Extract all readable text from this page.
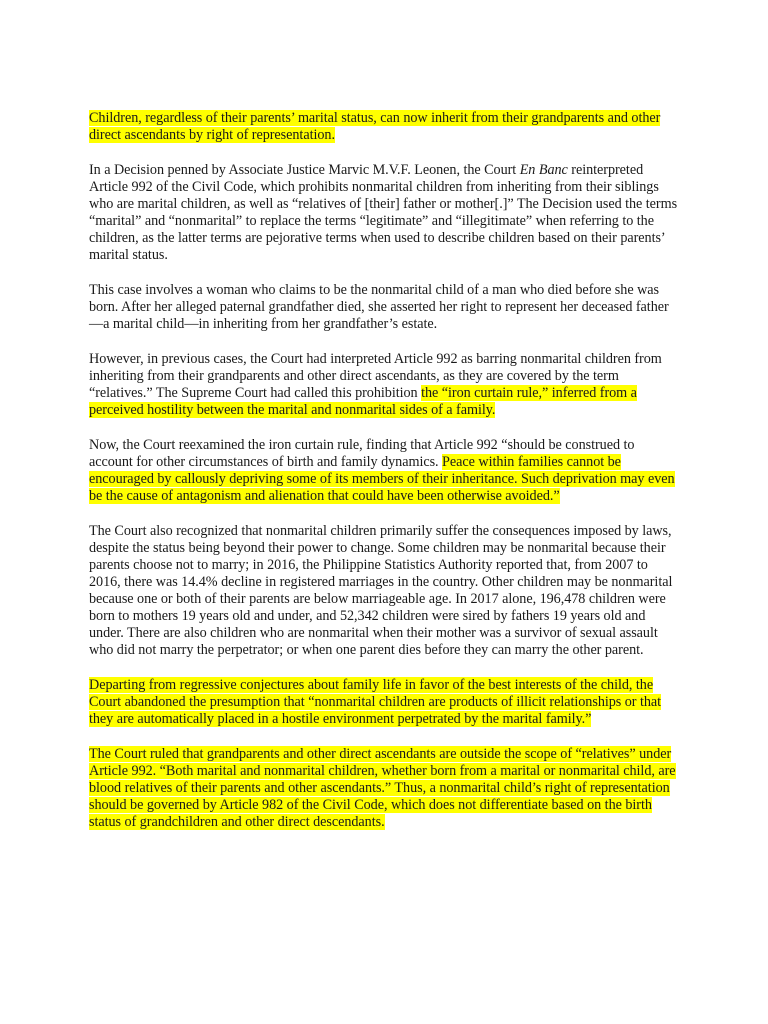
Children, regardless of their parents’ marital status, can now inherit from their grandparents and other direct ascendants by right of representation.

In a Decision penned by Associate Justice Marvic M.V.F. Leonen, the Court En Banc reinterpreted Article 992 of the Civil Code, which prohibits nonmarital children from inheriting from their siblings who are marital children, as well as “relatives of [their] father or mother[.]” The Decision used the terms “marital” and “nonmarital” to replace the terms “legitimate” and “illegitimate” when referring to the children, as the latter terms are pejorative terms when used to describe children based on their parents’ marital status.

This case involves a woman who claims to be the nonmarital child of a man who died before she was born. After her alleged paternal grandfather died, she asserted her right to represent her deceased father—a marital child—in inheriting from her grandfather’s estate.

However, in previous cases, the Court had interpreted Article 992 as barring nonmarital children from inheriting from their grandparents and other direct ascendants, as they are covered by the term “relatives.” The Supreme Court had called this prohibition the “iron curtain rule,” inferred from a perceived hostility between the marital and nonmarital sides of a family.

Now, the Court reexamined the iron curtain rule, finding that Article 992 “should be construed to account for other circumstances of birth and family dynamics. Peace within families cannot be encouraged by callously depriving some of its members of their inheritance. Such deprivation may even be the cause of antagonism and alienation that could have been otherwise avoided.”

The Court also recognized that nonmarital children primarily suffer the consequences imposed by laws, despite the status being beyond their power to change. Some children may be nonmarital because their parents choose not to marry; in 2016, the Philippine Statistics Authority reported that, from 2007 to 2016, there was 14.4% decline in registered marriages in the country. Other children may be nonmarital because one or both of their parents are below marriageable age. In 2017 alone, 196,478 children were born to mothers 19 years old and under, and 52,342 children were sired by fathers 19 years old and under. There are also children who are nonmarital when their mother was a survivor of sexual assault who did not marry the perpetrator; or when one parent dies before they can marry the other parent.

Departing from regressive conjectures about family life in favor of the best interests of the child, the Court abandoned the presumption that “nonmarital children are products of illicit relationships or that they are automatically placed in a hostile environment perpetrated by the marital family.”

The Court ruled that grandparents and other direct ascendants are outside the scope of “relatives” under Article 992. “Both marital and nonmarital children, whether born from a marital or nonmarital child, are blood relatives of their parents and other ascendants.” Thus, a nonmarital child’s right of representation should be governed by Article 982 of the Civil Code, which does not differentiate based on the birth status of grandchildren and other direct descendants.
